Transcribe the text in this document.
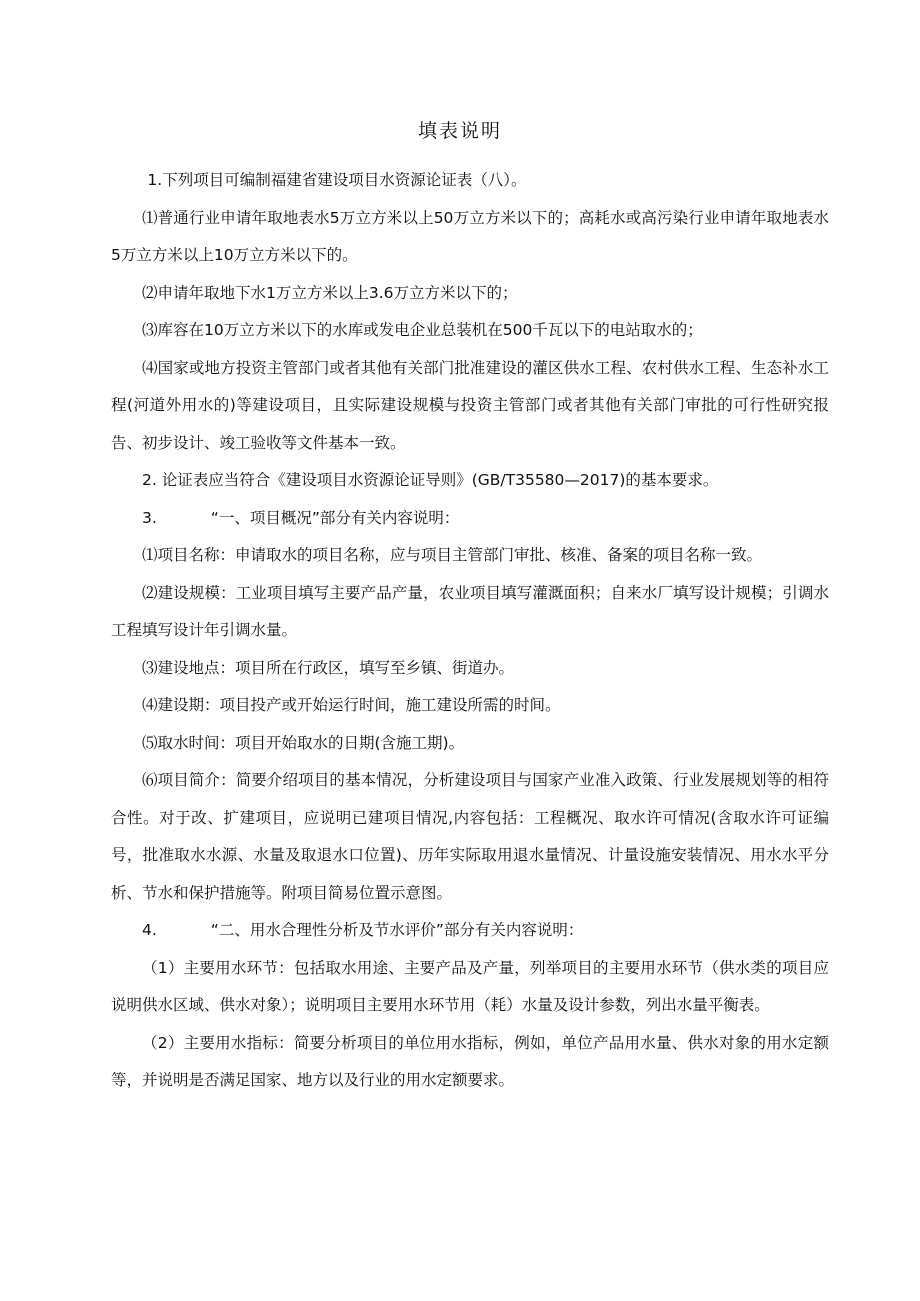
填表说明

1.下列项目可编制福建省建设项目水资源论证表（八）。

⑴普通行业申请年取地表水5万立方米以上50万立方米以下的；高耗水或高污染行业申请年取地表水5万立方米以上10万立方米以下的。

⑵申请年取地下水1万立方米以上3.6万立方米以下的；

⑶库容在10万立方米以下的水库或发电企业总装机在500千瓦以下的电站取水的；

⑷国家或地方投资主管部门或者其他有关部门批准建设的灌区供水工程、农村供水工程、生态补水工程(河道外用水的)等建设项目，且实际建设规模与投资主管部门或者其他有关部门审批的可行性研究报告、初步设计、竣工验收等文件基本一致。

2. 论证表应当符合《建设项目水资源论证导则》(GB/T35580—2017)的基本要求。

3.	“一、项目概况”部分有关内容说明：

⑴项目名称：申请取水的项目名称，应与项目主管部门审批、核准、备案的项目名称一致。

⑵建设规模：工业项目填写主要产品产量，农业项目填写灌溉面积；自来水厂填写设计规模；引调水工程填写设计年引调水量。

⑶建设地点：项目所在行政区，填写至乡镇、街道办。

⑷建设期：项目投产或开始运行时间，施工建设所需的时间。

⑸取水时间：项目开始取水的日期(含施工期)。

⑹项目简介：简要介绍项目的基本情况，分析建设项目与国家产业准入政策、行业发展规划等的相符合性。对于改、扩建项目，应说明已建项目情况,内容包括：工程概况、取水许可情况(含取水许可证编号，批准取水水源、水量及取退水口位置)、历年实际取用退水量情况、计量设施安装情况、用水水平分析、节水和保护措施等。附项目简易位置示意图。

4.	“二、用水合理性分析及节水评价”部分有关内容说明：

（1）主要用水环节：包括取水用途、主要产品及产量，列举项目的主要用水环节（供水类的项目应说明供水区域、供水对象）；说明项目主要用水环节用（耗）水量及设计参数，列出水量平衡表。

（2）主要用水指标：简要分析项目的单位用水指标，例如，单位产品用水量、供水对象的用水定额等，并说明是否满足国家、地方以及行业的用水定额要求。
